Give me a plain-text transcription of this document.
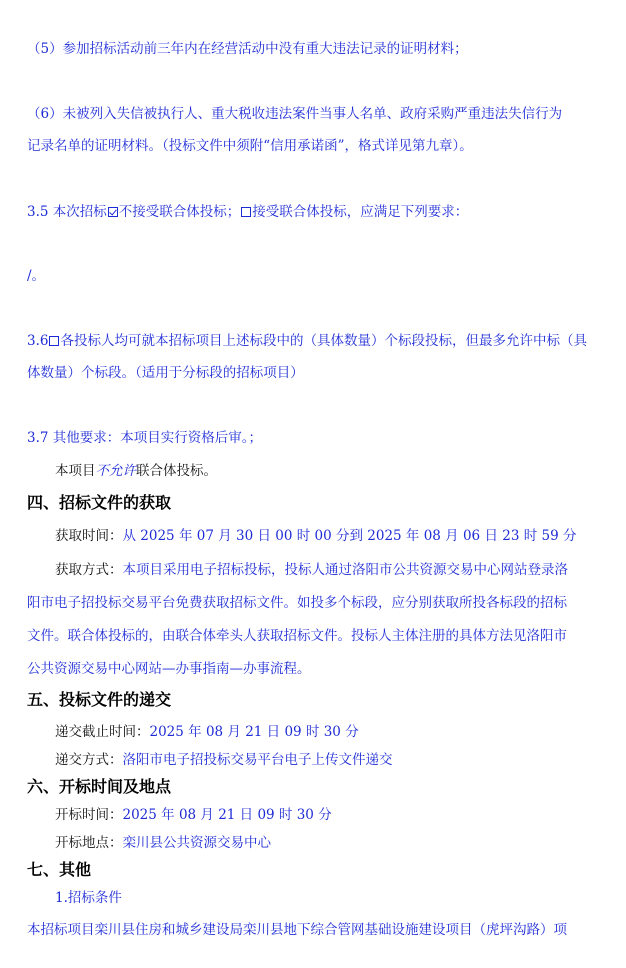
（5）参加招标活动前三年内在经营活动中没有重大违法记录的证明材料；
（6）未被列入失信被执行人、重大税收违法案件当事人名单、政府采购严重违法失信行为
记录名单的证明材料。（投标文件中须附“信用承诺函”，格式详见第九章）。
3.5 本次招标 不接受联合体投标； 接受联合体投标，应满足下列要求：
/。
3.6 各投标人均可就本招标项目上述标段中的（具体数量）个标段投标，但最多允许中标（具
体数量）个标段。（适用于分标段的招标项目）
3.7 其他要求：本项目实行资格后审。；
本项目不允许联合体投标。
四、招标文件的获取
获取时间：从 2025 年 07 月 30 日 00 时 00 分到 2025 年 08 月 06 日 23 时 59 分
获取方式：本项目采用电子招标投标，投标人通过洛阳市公共资源交易中心网站登录洛
阳市电子招投标交易平台免费获取招标文件。如投多个标段，应分别获取所投各标段的招标
文件。联合体投标的，由联合体牵头人获取招标文件。投标人主体注册的具体方法见洛阳市
公共资源交易中心网站—办事指南—办事流程。
五、投标文件的递交
递交截止时间：2025 年 08 月 21 日 09 时 30 分
递交方式：洛阳市电子招投标交易平台电子上传文件递交
六、开标时间及地点
开标时间：2025 年 08 月 21 日 09 时 30 分
开标地点：栾川县公共资源交易中心
七、其他
1.招标条件
本招标项目栾川县住房和城乡建设局栾川县地下综合管网基础设施建设项目（虎坪沟路）项
